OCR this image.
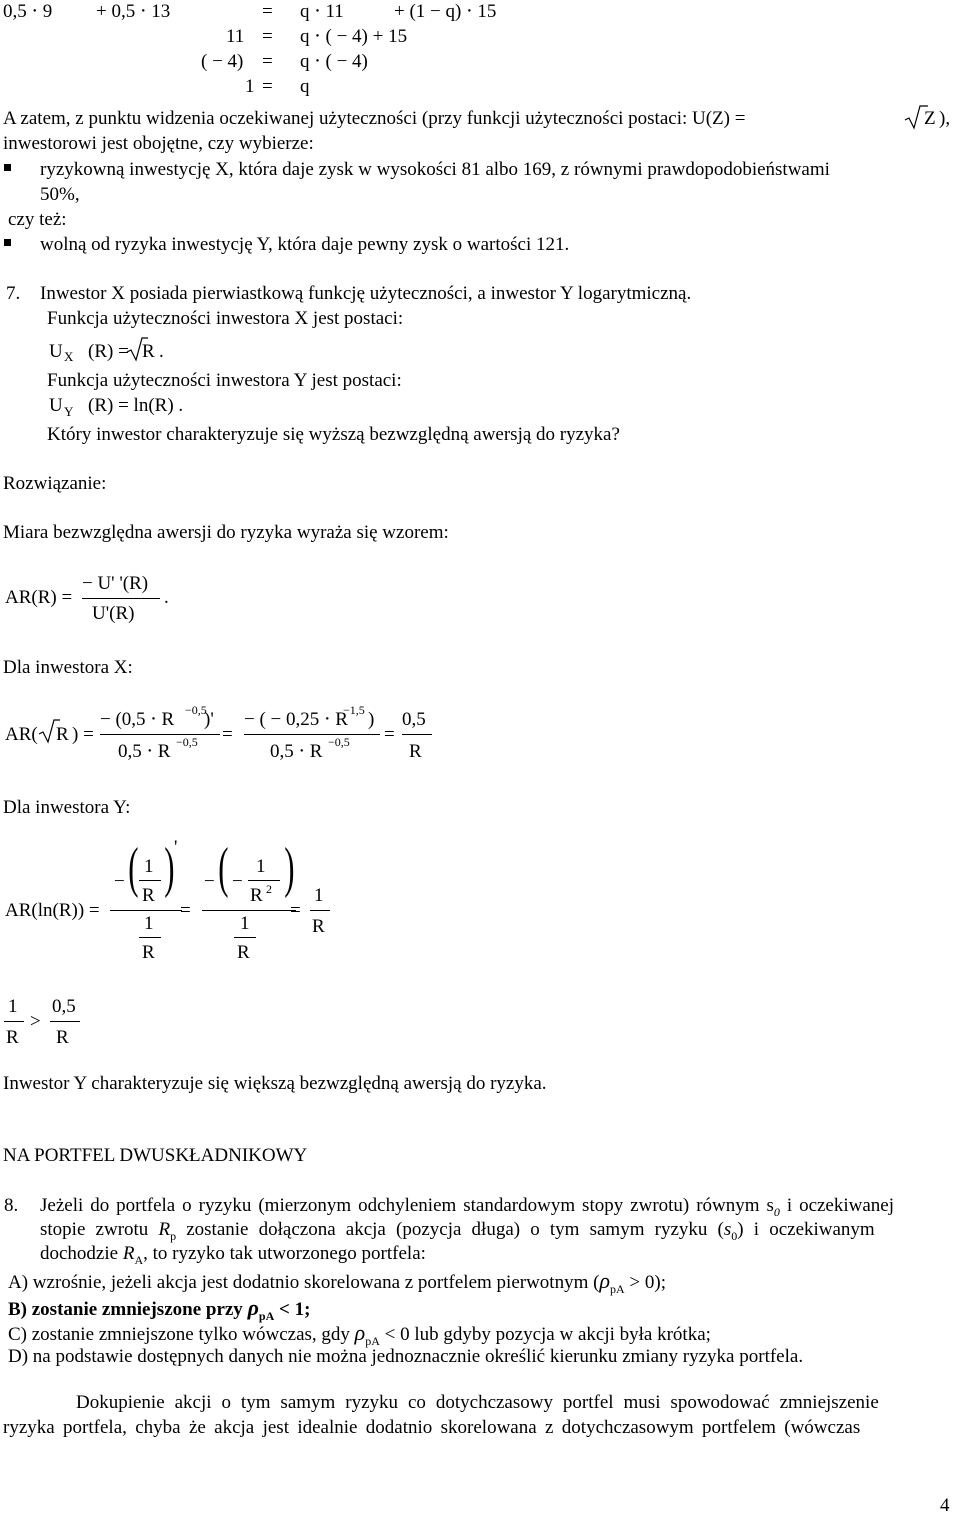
0,5 ⋅ 9 + 0,5 ⋅ 13	= q ⋅ 11	+ (1 − q) ⋅ 15
11 = q ⋅ ( − 4) + 15
( − 4) = q ⋅ ( − 4)
1 = q
A zatem, z punktu widzenia oczekiwanej użyteczności (przy funkcji użyteczności postaci: U(Z) =	Z ),
inwestorowi jest obojętne, czy wybierze:
ryzykowną inwestycję X, która daje zysk w wysokości 81 albo 169, z równymi prawdopodobieństwami
50%,
czy też:
wolną od ryzyka inwestycję Y, która daje pewny zysk o wartości 121.
7. Inwestor X posiada pierwiastkową funkcję użyteczności, a inwestor Y logarytmiczną.
Funkcja użyteczności inwestora X jest postaci:
U X (R) = R .
Funkcja użyteczności inwestora Y jest postaci:
U Y (R) = ln(R) .
Który inwestor charakteryzuje się wyższą bezwzględną awersją do ryzyka?
Rozwiązanie:
Miara bezwzględna awersji do ryzyka wyraża się wzorem:
AR(R) =
− U' '(R)
U'(R)
.
Dla inwestora X:
AR( R ) =
− (0,5 ⋅ R −0,5
)'
0,5 ⋅ R −0,5 =
− ( − 0,25 ⋅ R
−1,5 )
0,5 ⋅ R −0,5 =
0,5
R
Dla inwestora Y:
AR(ln(R)) =
(
−
1
R ) '
1
R
=
− ( −
1
R 2 )
1
R
=
1
R
1
R
>
0,5
R
Inwestor Y charakteryzuje się większą bezwzględną awersją do ryzyka.
NA PORTFEL DWUSKŁADNIKOWY
8. Jeżeli do portfela o ryzyku (mierzonym odchyleniem standardowym stopy zwrotu) równym $s_0$ i oczekiwanej
stopie zwrotu $R_p$ zostanie dołączona akcja (pozycja długa) o tym samym ryzyku $(s_0)$ i oczekiwanym
dochodzie $R_A$, to ryzyko tak utworzonego portfela:
A) wzrośnie, jeżeli akcja jest dodatnio skorelowana z portfelem pierwotnym $(\rho_{pA} > 0)$;
B) zostanie zmniejszone przy $\rho_{pA} < 1$;
C) zostanie zmniejszone tylko wówczas, gdy $\rho_{pA} < 0$ lub gdyby pozycja w akcji była krótka;
D) na podstawie dostępnych danych nie można jednoznacznie określić kierunku zmiany ryzyka portfela.
Dokupienie akcji o tym samym ryzyku co dotychczasowy portfel musi spowodować zmniejszenie
ryzyka portfela, chyba że akcja jest idealnie dodatnio skorelowana z dotychczasowym portfelem (wówczas
4
